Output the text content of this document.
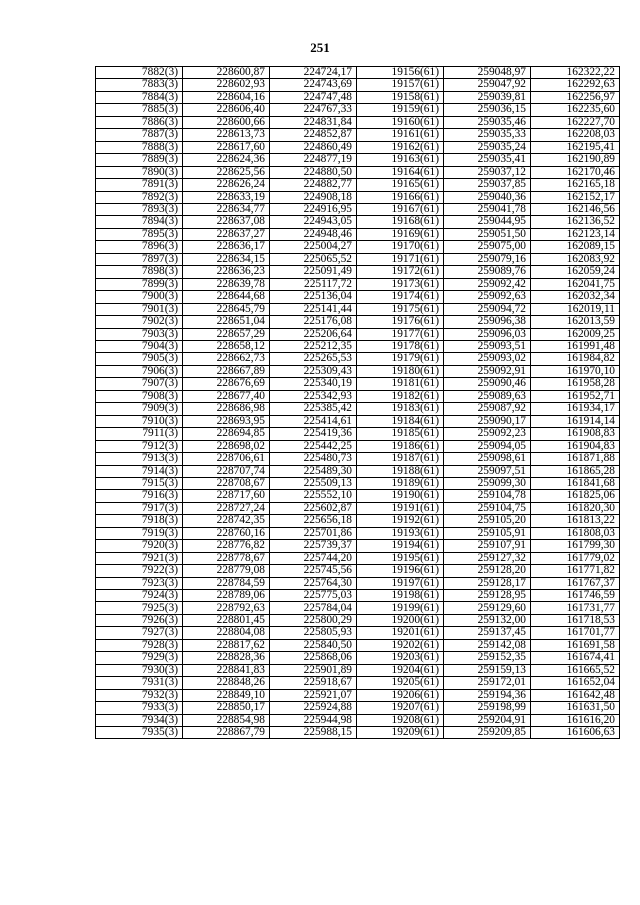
251
7882(3)	228600,87	224724,17	19156(61)	259048,97	162322,22
7883(3)	228602,93	224743,69	19157(61)	259047,92	162292,63
7884(3)	228604,16	224747,48	19158(61)	259039,81	162256,97
7885(3)	228606,40	224767,33	19159(61)	259036,15	162235,60
7886(3)	228600,66	224831,84	19160(61)	259035,46	162227,70
7887(3)	228613,73	224852,87	19161(61)	259035,33	162208,03
7888(3)	228617,60	224860,49	19162(61)	259035,24	162195,41
7889(3)	228624,36	224877,19	19163(61)	259035,41	162190,89
7890(3)	228625,56	224880,50	19164(61)	259037,12	162170,46
7891(3)	228626,24	224882,77	19165(61)	259037,85	162165,18
7892(3)	228633,19	224908,18	19166(61)	259040,36	162152,17
7893(3)	228634,77	224916,95	19167(61)	259041,78	162146,56
7894(3)	228637,08	224943,05	19168(61)	259044,95	162136,52
7895(3)	228637,27	224948,46	19169(61)	259051,50	162123,14
7896(3)	228636,17	225004,27	19170(61)	259075,00	162089,15
7897(3)	228634,15	225065,52	19171(61)	259079,16	162083,92
7898(3)	228636,23	225091,49	19172(61)	259089,76	162059,24
7899(3)	228639,78	225117,72	19173(61)	259092,42	162041,75
7900(3)	228644,68	225136,04	19174(61)	259092,63	162032,34
7901(3)	228645,79	225141,44	19175(61)	259094,72	162019,11
7902(3)	228651,04	225176,08	19176(61)	259096,38	162013,59
7903(3)	228657,29	225206,64	19177(61)	259096,03	162009,25
7904(3)	228658,12	225212,35	19178(61)	259093,51	161991,48
7905(3)	228662,73	225265,53	19179(61)	259093,02	161984,82
7906(3)	228667,89	225309,43	19180(61)	259092,91	161970,10
7907(3)	228676,69	225340,19	19181(61)	259090,46	161958,28
7908(3)	228677,40	225342,93	19182(61)	259089,63	161952,71
7909(3)	228686,98	225385,42	19183(61)	259087,92	161934,17
7910(3)	228693,95	225414,61	19184(61)	259090,17	161914,14
7911(3)	228694,85	225419,36	19185(61)	259092,23	161908,83
7912(3)	228698,02	225442,25	19186(61)	259094,05	161904,83
7913(3)	228706,61	225480,73	19187(61)	259098,61	161871,88
7914(3)	228707,74	225489,30	19188(61)	259097,51	161865,28
7915(3)	228708,67	225509,13	19189(61)	259099,30	161841,68
7916(3)	228717,60	225552,10	19190(61)	259104,78	161825,06
7917(3)	228727,24	225602,87	19191(61)	259104,75	161820,30
7918(3)	228742,35	225656,18	19192(61)	259105,20	161813,22
7919(3)	228760,16	225701,86	19193(61)	259105,91	161808,03
7920(3)	228776,82	225739,37	19194(61)	259107,91	161799,30
7921(3)	228778,67	225744,20	19195(61)	259127,32	161779,02
7922(3)	228779,08	225745,56	19196(61)	259128,20	161771,82
7923(3)	228784,59	225764,30	19197(61)	259128,17	161767,37
7924(3)	228789,06	225775,03	19198(61)	259128,95	161746,59
7925(3)	228792,63	225784,04	19199(61)	259129,60	161731,77
7926(3)	228801,45	225800,29	19200(61)	259132,00	161718,53
7927(3)	228804,08	225805,93	19201(61)	259137,45	161701,77
7928(3)	228817,62	225840,50	19202(61)	259142,08	161691,58
7929(3)	228828,36	225868,06	19203(61)	259152,35	161674,41
7930(3)	228841,83	225901,89	19204(61)	259159,13	161665,52
7931(3)	228848,26	225918,67	19205(61)	259172,01	161652,04
7932(3)	228849,10	225921,07	19206(61)	259194,36	161642,48
7933(3)	228850,17	225924,88	19207(61)	259198,99	161631,50
7934(3)	228854,98	225944,98	19208(61)	259204,91	161616,20
7935(3)	228867,79	225988,15	19209(61)	259209,85	161606,63
